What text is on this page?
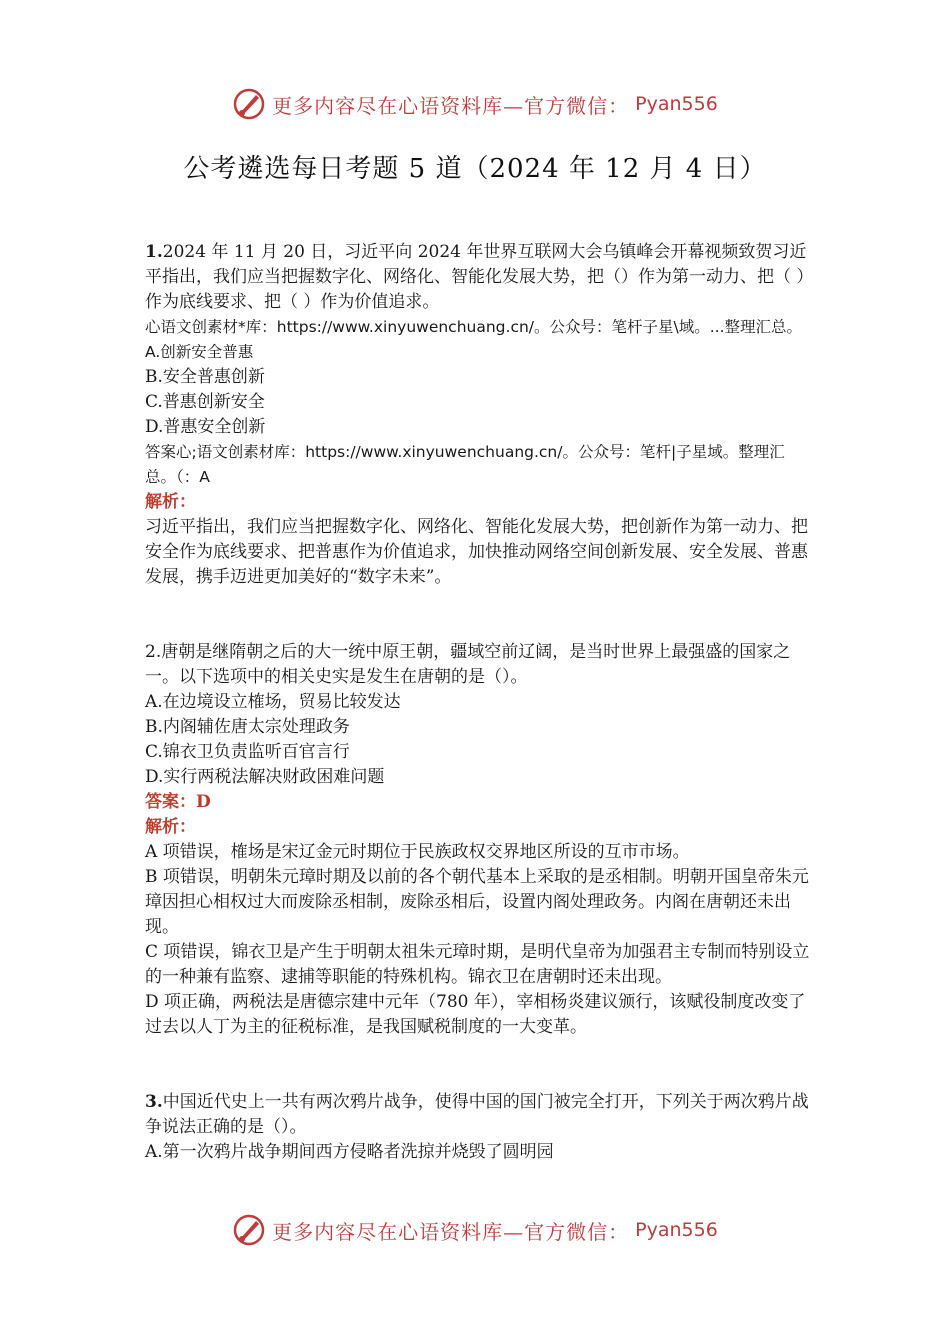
更多内容尽在心语资料库—官方微信： Pyan556
公考遴选每日考题 5 道（2024 年 12 月 4 日）

1.2024 年 11 月 20 日，习近平向 2024 年世界互联网大会乌镇峰会开幕视频致贺习近平指出，我们应当把握数字化、网络化、智能化发展大势，把（）作为第一动力、把（ ）作为底线要求、把（ ）作为价值追求。

心语文创素材*库：https://www.xinyuwenchuang.cn/。公众号：笔杆子星\域。...整理汇总。A.创新安全普惠

B.安全普惠创新

C.普惠创新安全

D.普惠安全创新

答案心;语文创素材库：https://www.xinyuwenchuang.cn/。公众号：笔杆|子星域。整理汇总。（：A

解析：

习近平指出，我们应当把握数字化、网络化、智能化发展大势，把创新作为第一动力、把安全作为底线要求、把普惠作为价值追求，加快推动网络空间创新发展、安全发展、普惠发展，携手迈进更加美好的“数字未来”。

2.唐朝是继隋朝之后的大一统中原王朝，疆域空前辽阔，是当时世界上最强盛的国家之一。以下选项中的相关史实是发生在唐朝的是（）。

A.在边境设立榷场，贸易比较发达

B.内阁辅佐唐太宗处理政务

C.锦衣卫负责监听百官言行

D.实行两税法解决财政困难问题

答案：D

解析：

A 项错误，榷场是宋辽金元时期位于民族政权交界地区所设的互市市场。

B 项错误，明朝朱元璋时期及以前的各个朝代基本上采取的是丞相制。明朝开国皇帝朱元璋因担心相权过大而废除丞相制，废除丞相后，设置内阁处理政务。内阁在唐朝还未出现。

C 项错误，锦衣卫是产生于明朝太祖朱元璋时期，是明代皇帝为加强君主专制而特别设立的一种兼有监察、逮捕等职能的特殊机构。锦衣卫在唐朝时还未出现。

D 项正确，两税法是唐德宗建中元年（780 年），宰相杨炎建议颁行，该赋役制度改变了过去以人丁为主的征税标准，是我国赋税制度的一大变革。

3.中国近代史上一共有两次鸦片战争，使得中国的国门被完全打开，下列关于两次鸦片战争说法正确的是（）。

A.第一次鸦片战争期间西方侵略者洗掠并烧毁了圆明园

更多内容尽在心语资料库—官方微信： Pyan556
